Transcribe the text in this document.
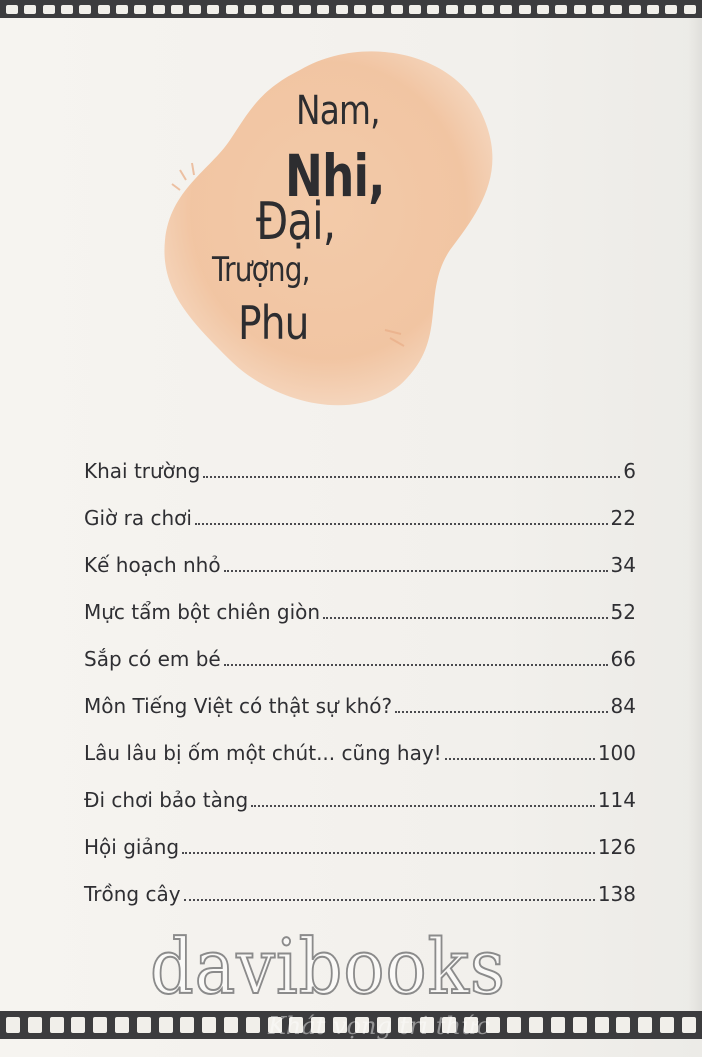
Nam,
Nhi,
Đại,
Trượng,
Phu
Khai trường	6
Giờ ra chơi	22
Kế hoạch nhỏ	34
Mực tẩm bột chiên giòn	52
Sắp có em bé	66
Môn Tiếng Việt có thật sự khó?	84
Lâu lâu bị ốm một chút... cũng hay!	100
Đi chơi bảo tàng	114
Hội giảng	126
Trồng cây	138
davibooks
Khát vọng tri thức
